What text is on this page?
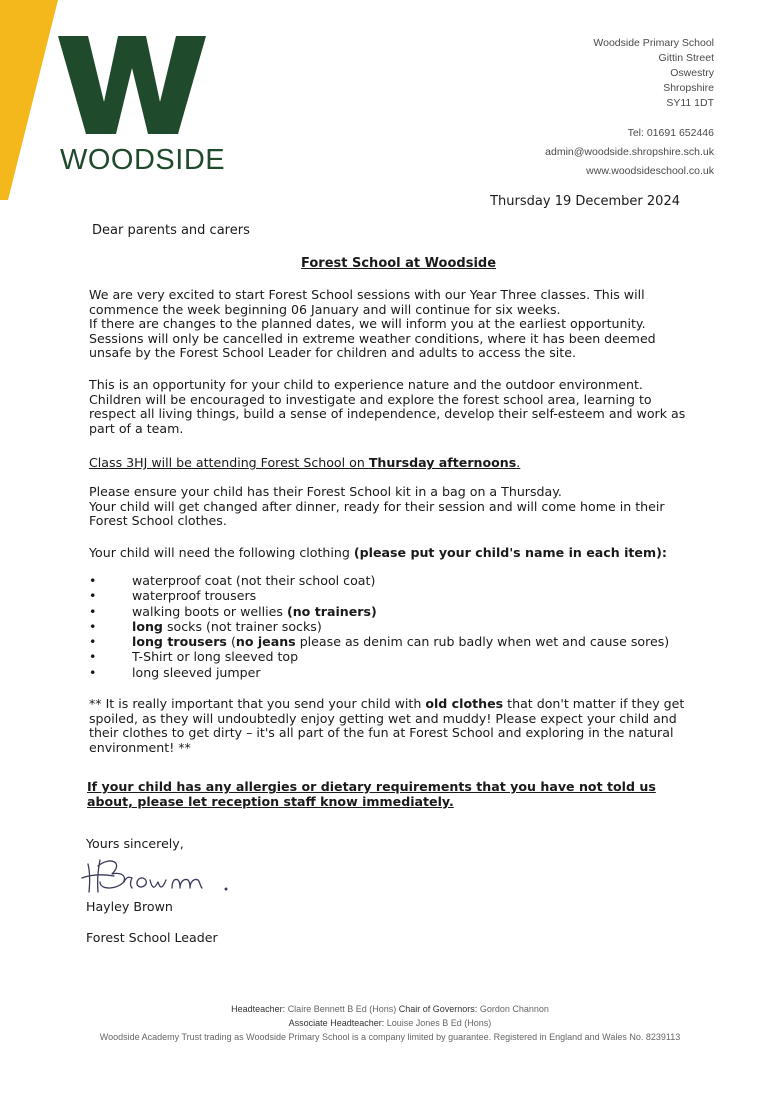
WOODSIDE
Woodside Primary School
Gittin Street
Oswestry
Shropshire
SY11 1DT
Tel: 01691 652446
admin@woodside.shropshire.sch.uk
www.woodsideschool.co.uk
Thursday 19 December 2024
Dear parents and carers
Forest School at Woodside
We are very excited to start Forest School sessions with our Year Three classes. This will commence the week beginning 06 January and will continue for six weeks.
If there are changes to the planned dates, we will inform you at the earliest opportunity. Sessions will only be cancelled in extreme weather conditions, where it has been deemed unsafe by the Forest School Leader for children and adults to access the site.
This is an opportunity for your child to experience nature and the outdoor environment. Children will be encouraged to investigate and explore the forest school area, learning to respect all living things, build a sense of independence, develop their self-esteem and work as part of a team.
Class 3HJ will be attending Forest School on Thursday afternoons.
Please ensure your child has their Forest School kit in a bag on a Thursday.
Your child will get changed after dinner, ready for their session and will come home in their Forest School clothes.
Your child will need the following clothing (please put your child's name in each item):
•	waterproof coat (not their school coat)
•	waterproof trousers
•	walking boots or wellies (no trainers)
•	long socks (not trainer socks)
•	long trousers (no jeans please as denim can rub badly when wet and cause sores)
•	T-Shirt or long sleeved top
•	long sleeved jumper
** It is really important that you send your child with old clothes that don't matter if they get spoiled, as they will undoubtedly enjoy getting wet and muddy! Please expect your child and their clothes to get dirty – it's all part of the fun at Forest School and exploring in the natural environment! **
If your child has any allergies or dietary requirements that you have not told us about, please let reception staff know immediately.
Yours sincerely,
Hayley Brown
Forest School Leader
Headteacher: Claire Bennett B Ed (Hons) Chair of Governors: Gordon Channon
Associate Headteacher: Louise Jones B Ed (Hons)
Woodside Academy Trust trading as Woodside Primary School is a company limited by guarantee. Registered in England and Wales No. 8239113
